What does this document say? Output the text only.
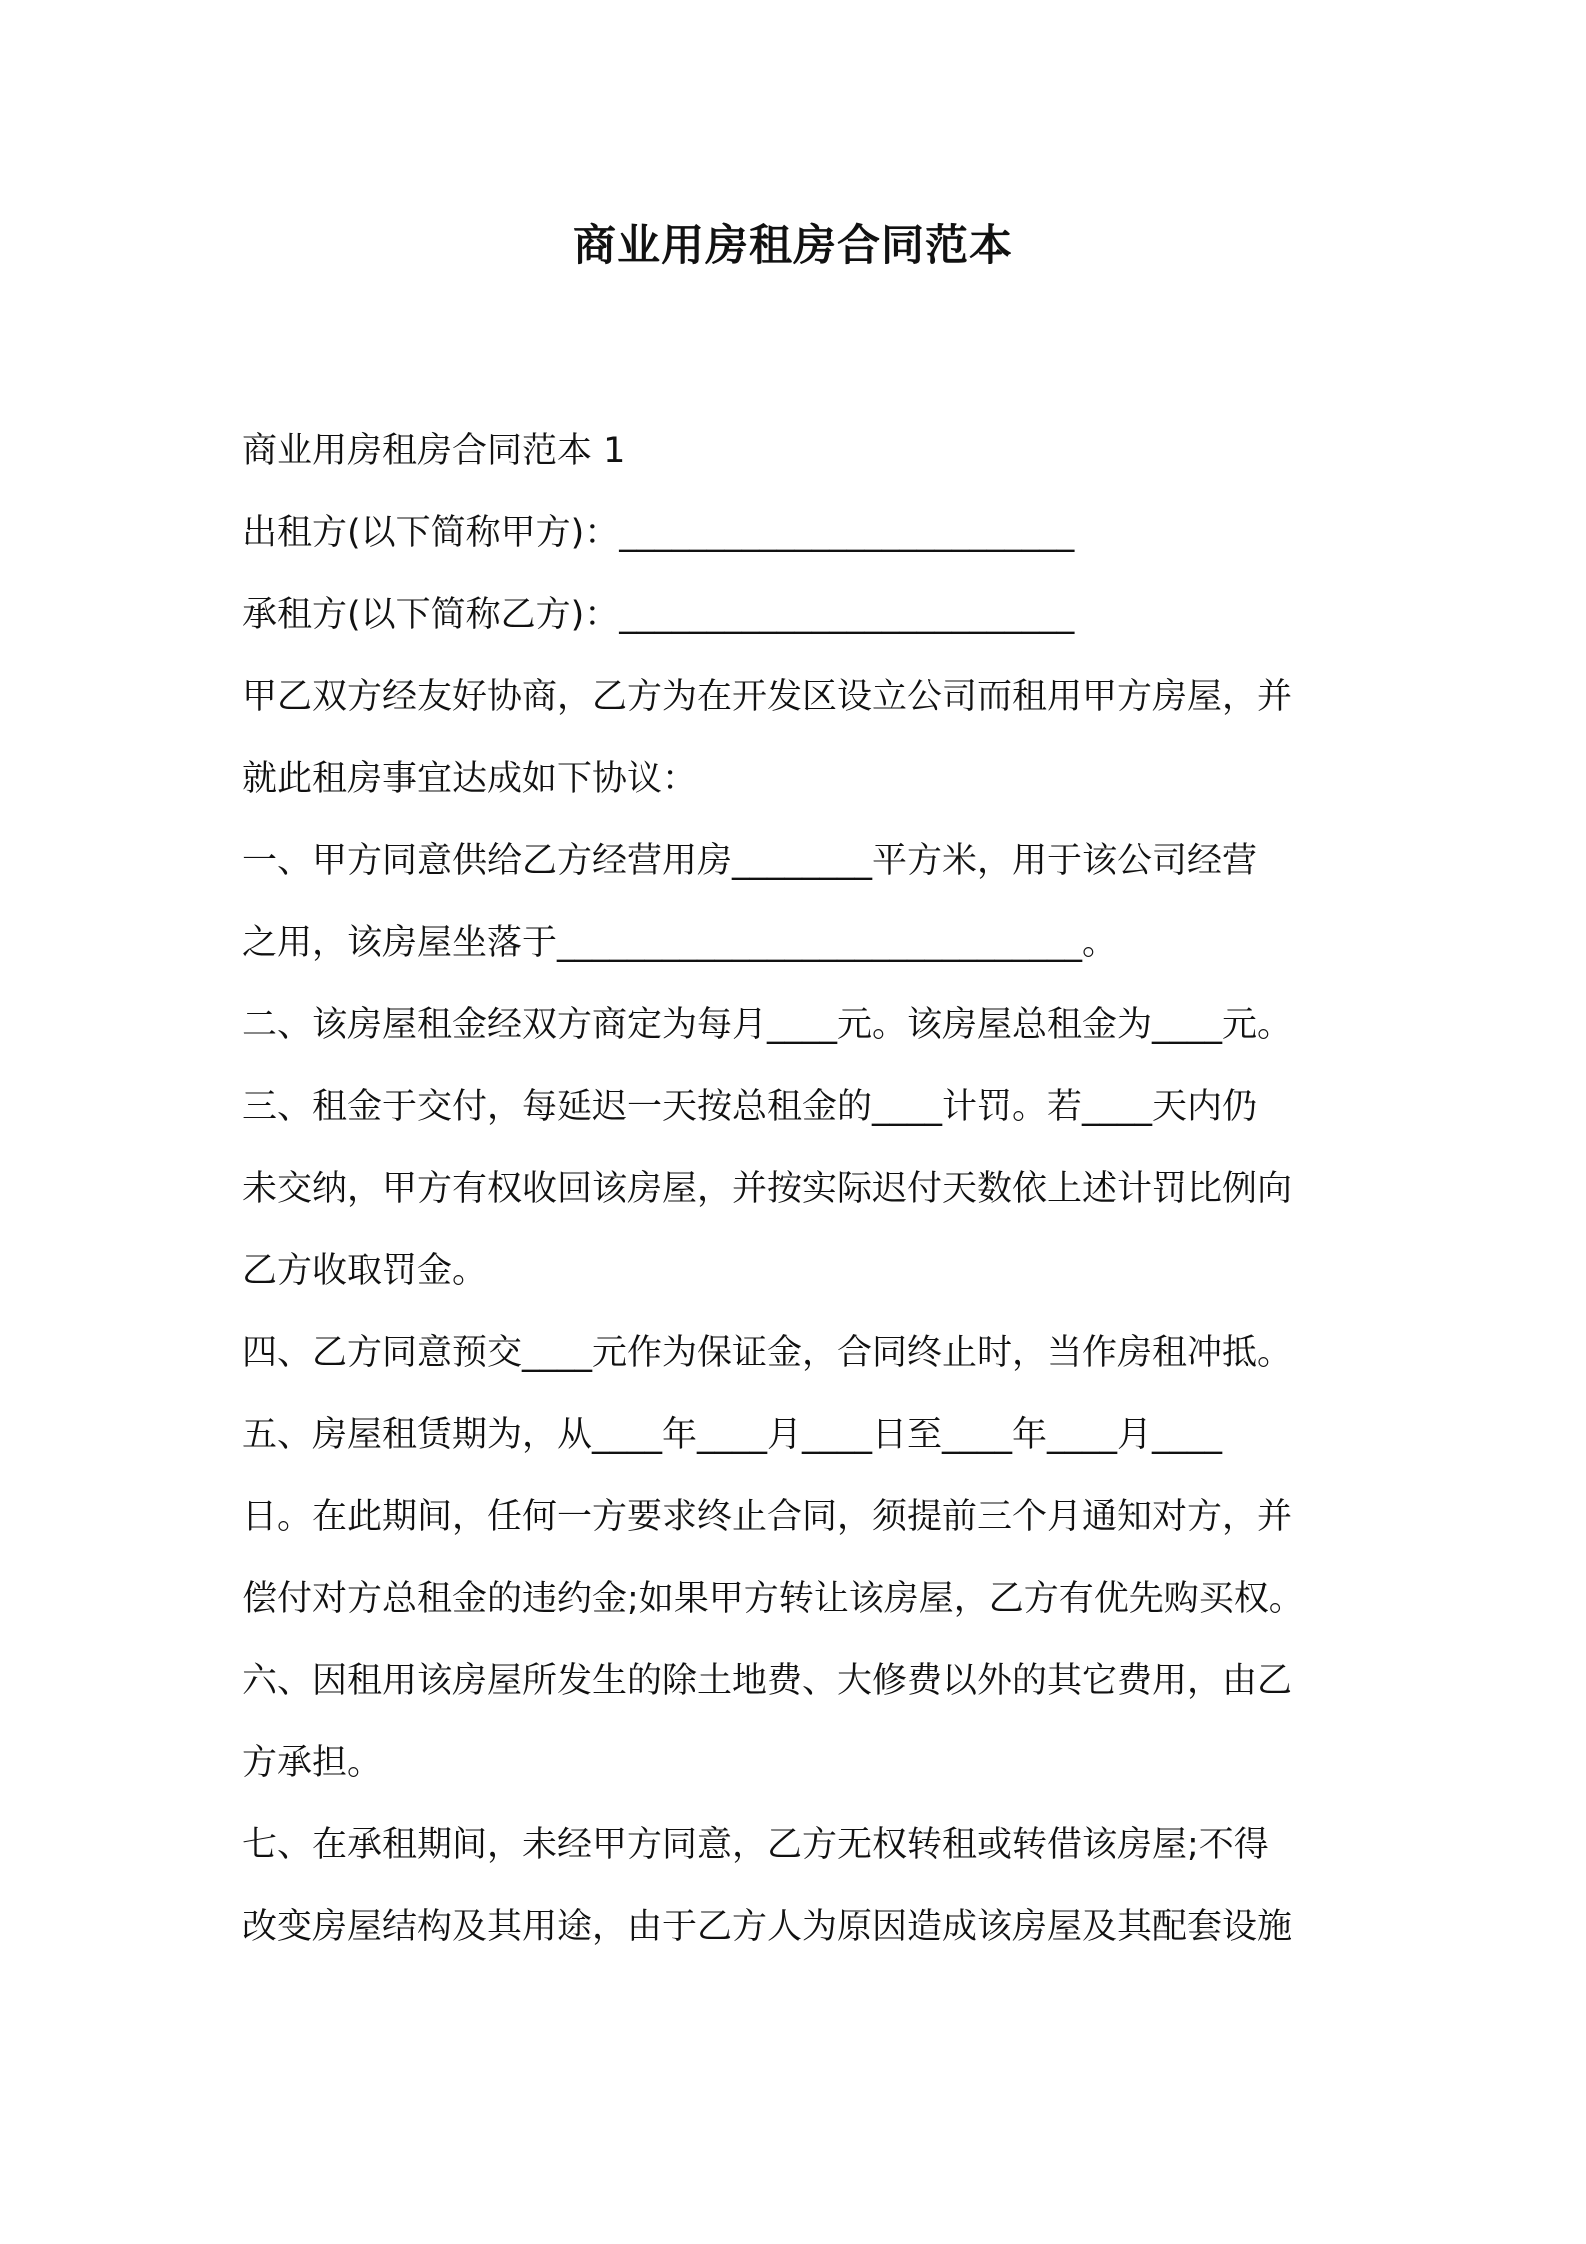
商业用房租房合同范本

商业用房租房合同范本 1

出租方(以下简称甲方)：__________________________

承租方(以下简称乙方)：__________________________

甲乙双方经友好协商，乙方为在开发区设立公司而租用甲方房屋，并

就此租房事宜达成如下协议：

一、甲方同意供给乙方经营用房________平方米，用于该公司经营

之用，该房屋坐落于______________________________。

二、该房屋租金经双方商定为每月____元。该房屋总租金为____元。

三、租金于交付，每延迟一天按总租金的____计罚。若____天内仍

未交纳，甲方有权收回该房屋，并按实际迟付天数依上述计罚比例向

乙方收取罚金。

四、乙方同意预交____元作为保证金，合同终止时，当作房租冲抵。

五、房屋租赁期为，从____年____月____日至____年____月____

日。在此期间，任何一方要求终止合同，须提前三个月通知对方，并

偿付对方总租金的违约金;如果甲方转让该房屋，乙方有优先购买权。

六、因租用该房屋所发生的除土地费、大修费以外的其它费用，由乙

方承担。

七、在承租期间，未经甲方同意，乙方无权转租或转借该房屋;不得

改变房屋结构及其用途，由于乙方人为原因造成该房屋及其配套设施
